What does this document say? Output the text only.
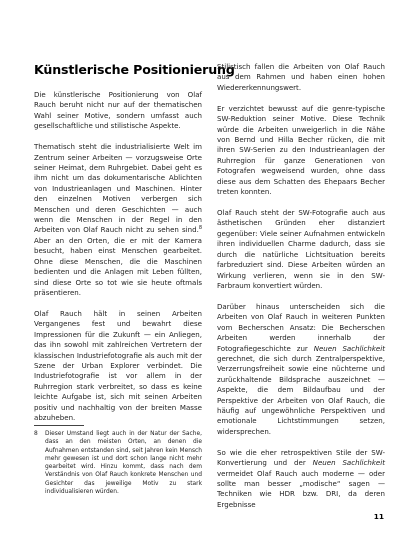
Künstlerische Positionierung

Die künstlerische Positionierung von Olaf Rauch beruht nicht nur auf der thematischen Wahl seiner Motive, sondern umfasst auch gesellschaftliche und stilistische Aspekte.

Thematisch steht die industrialisierte Welt im Zentrum seiner Arbeiten — vorzugsweise Orte seiner Heimat, dem Ruhrgebiet. Dabei geht es ihm nicht um das dokumentarische Ablichten von Industrieanlagen und Maschinen. Hinter den einzelnen Motiven verbergen sich Menschen und deren Geschichten — auch wenn die Menschen in der Regel in den Arbeiten von Olaf Rauch nicht zu sehen sind.$^8$ Aber an den Orten, die er mit der Kamera besucht, haben einst Menschen gearbeitet. Ohne diese Menschen, die die Maschinen bedienten und die Anlagen mit Leben füllten, sind diese Orte so tot wie sie heute oftmals präsentieren.

Olaf Rauch hält in seinen Arbeiten Vergangenes fest und bewahrt diese Impressionen für die Zukunft — ein Anliegen, das ihn sowohl mit zahlreichen Vertretern der klassischen Industriefotografie als auch mit der Szene der Urban Explorer verbindet. Die Industriefotografie ist vor allem in der Ruhrregion stark verbreitet, so dass es keine leichte Aufgabe ist, sich mit seinen Arbeiten positiv und nachhaltig von der breiten Masse abzuheben.

Stilistisch fallen die Arbeiten von Olaf Rauch aus dem Rahmen und haben einen hohen Wiedererkennungswert.

Er verzichtet bewusst auf die genre-typische SW-Reduktion seiner Motive. Diese Technik würde die Arbeiten unweigerlich in die Nähe von Bernd und Hilla Becher rücken, die mit ihren SW-Serien zu den Industrieanlagen der Ruhrregion für ganze Generationen von Fotografen wegweisend wurden, ohne dass diese aus dem Schatten des Ehepaars Becher treten konnten.

Olaf Rauch steht der SW-Fotografie auch aus ästhetischen Gründen eher distanziert gegenüber: Viele seiner Aufnahmen entwickeln ihren individuellen Charme dadurch, dass sie durch die natürliche Lichtsituation bereits farbreduziert sind. Diese Arbeiten würden an Wirkung verlieren, wenn sie in den SW-Farbraum konvertiert würden.

Darüber hinaus unterscheiden sich die Arbeiten von Olaf Rauch in weiteren Punkten vom Becherschen Ansatz: Die Becherschen Arbeiten werden innerhalb der Fotografiegeschichte zur Neuen Sachlichkeit gerechnet, die sich durch Zentralperspektive, Verzerrungsfreiheit sowie eine nüchterne und zurückhaltende Bildsprache auszeichnet — Aspekte, die dem Bildaufbau und der Perspektive der Arbeiten von Olaf Rauch, die häufig auf ungewöhnliche Perspektiven und emotionale Lichtstimmungen setzen, widersprechen.

So wie die eher retrospektiven Stile der SW-Konvertierung und der Neuen Sachlichkeit vermeidet Olaf Rauch auch moderne — oder sollte man besser „modische“ sagen — Techniken wie HDR bzw. DRI, da deren Ergebnisse

8	Dieser Umstand liegt auch in der Natur der Sache, dass an den meisten Orten, an denen die Aufnahmen entstanden sind, seit Jahren kein Mensch mehr gewesen ist und dort schon lange nicht mehr gearbeitet wird. Hinzu kommt, dass nach dem Verständnis von Olaf Rauch konkrete Menschen und Gesichter das jeweilige Motiv zu stark individualisieren würden.
11
